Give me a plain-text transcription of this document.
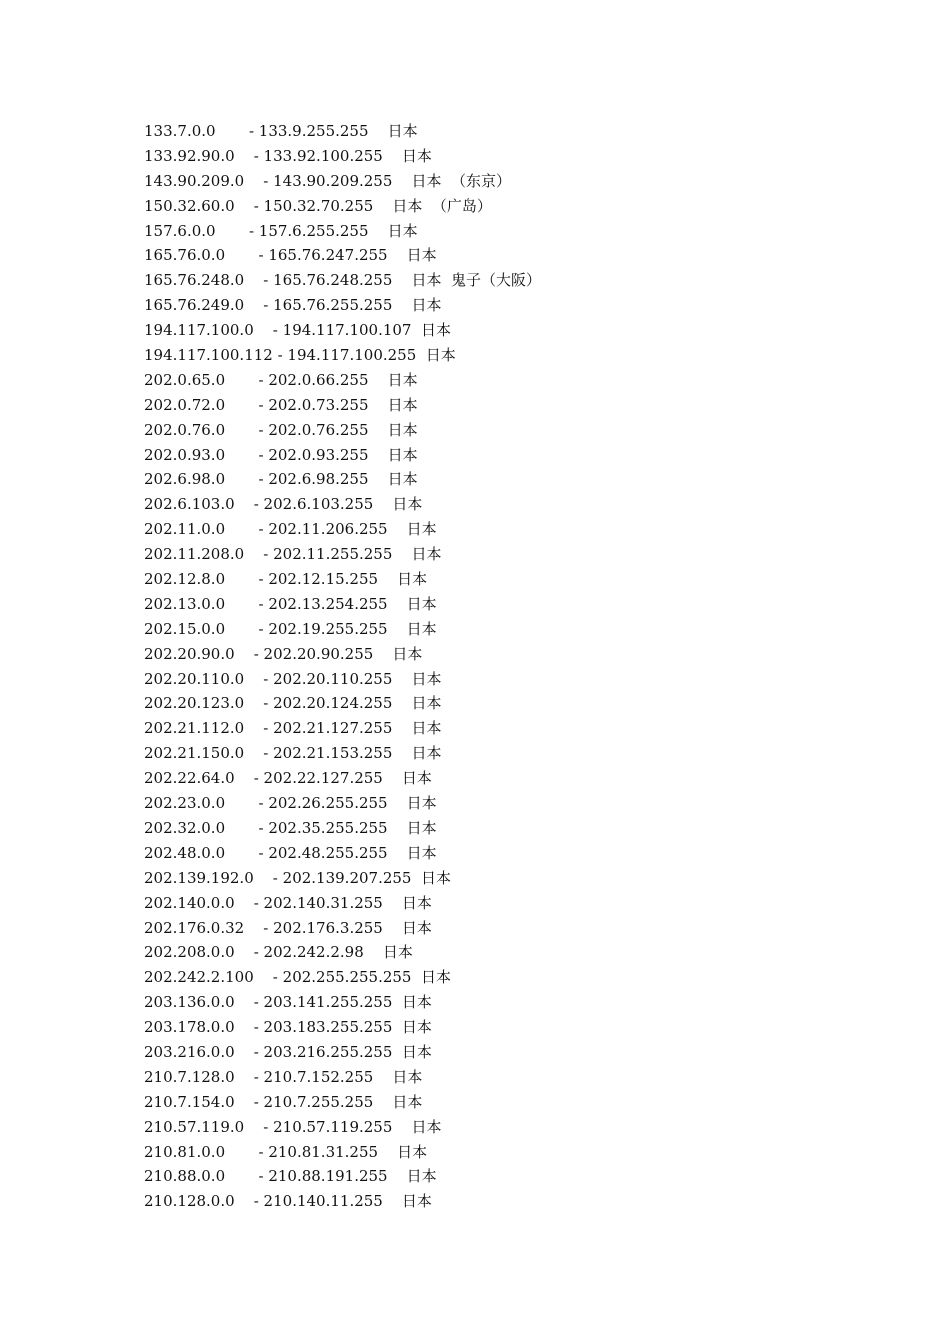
133.7.0.0       - 133.9.255.255    日本
133.92.90.0    - 133.92.100.255    日本
143.90.209.0    - 143.90.209.255    日本  （东京）
150.32.60.0    - 150.32.70.255    日本  （广岛）
157.6.0.0       - 157.6.255.255    日本
165.76.0.0       - 165.76.247.255    日本
165.76.248.0    - 165.76.248.255    日本  鬼子（大阪）
165.76.249.0    - 165.76.255.255    日本
194.117.100.0    - 194.117.100.107  日本
194.117.100.112 - 194.117.100.255  日本
202.0.65.0       - 202.0.66.255    日本
202.0.72.0       - 202.0.73.255    日本
202.0.76.0       - 202.0.76.255    日本
202.0.93.0       - 202.0.93.255    日本
202.6.98.0       - 202.6.98.255    日本
202.6.103.0    - 202.6.103.255    日本
202.11.0.0       - 202.11.206.255    日本
202.11.208.0    - 202.11.255.255    日本
202.12.8.0       - 202.12.15.255    日本
202.13.0.0       - 202.13.254.255    日本
202.15.0.0       - 202.19.255.255    日本
202.20.90.0    - 202.20.90.255    日本
202.20.110.0    - 202.20.110.255    日本
202.20.123.0    - 202.20.124.255    日本
202.21.112.0    - 202.21.127.255    日本
202.21.150.0    - 202.21.153.255    日本
202.22.64.0    - 202.22.127.255    日本
202.23.0.0       - 202.26.255.255    日本
202.32.0.0       - 202.35.255.255    日本
202.48.0.0       - 202.48.255.255    日本
202.139.192.0    - 202.139.207.255  日本
202.140.0.0    - 202.140.31.255    日本
202.176.0.32    - 202.176.3.255    日本
202.208.0.0    - 202.242.2.98    日本
202.242.2.100    - 202.255.255.255  日本
203.136.0.0    - 203.141.255.255  日本
203.178.0.0    - 203.183.255.255  日本
203.216.0.0    - 203.216.255.255  日本
210.7.128.0    - 210.7.152.255    日本
210.7.154.0    - 210.7.255.255    日本
210.57.119.0    - 210.57.119.255    日本
210.81.0.0       - 210.81.31.255    日本
210.88.0.0       - 210.88.191.255    日本
210.128.0.0    - 210.140.11.255    日本
